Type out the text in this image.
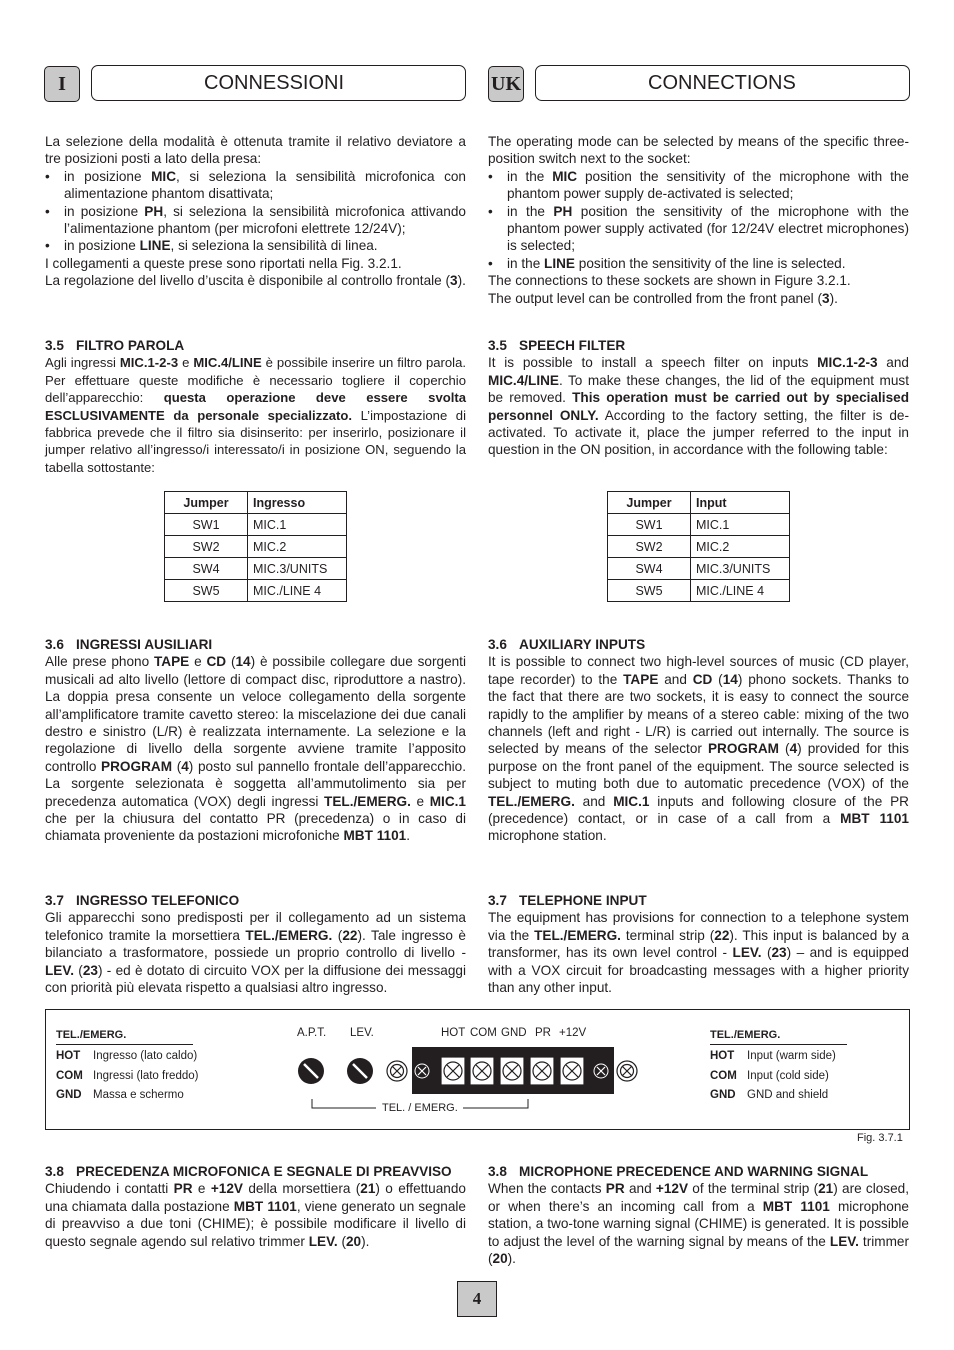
I	CONNESSIONI	UK	CONNECTIONS

La selezione della modalità è ottenuta tramite il relativo deviatore a tre posizioni posti a lato della presa:

• in posizione MIC, si seleziona la sensibilità microfonica con alimentazione phantom disattivata;

• in posizione PH, si seleziona la sensibilità microfonica attivando l’alimentazione phantom (per microfoni elettrete 12/24V);

• in posizione LINE, si seleziona la sensibilità di linea.

I collegamenti a queste prese sono riportati nella Fig. 3.2.1.

La regolazione del livello d’uscita è disponibile al controllo frontale (3).

The operating mode can be selected by means of the specific three-position switch next to the socket:

• in the MIC position the sensitivity of the microphone with the phantom power supply de-activated is selected;

• in the PH position the sensitivity of the microphone with the phantom power supply activated (for 12/24V electret microphones) is selected;

• in the LINE position the sensitivity of the line is selected.

The connections to these sockets are shown in Figure 3.2.1.

The output level can be controlled from the front panel (3).

3.5 FILTRO PAROLA

Agli ingressi MIC.1-2-3 e MIC.4/LINE è possibile inserire un filtro parola. Per effettuare queste modifiche è necessario togliere il coperchio dell’apparecchio: questa operazione deve essere svolta ESCLUSIVAMENTE da personale specializzato. L’impostazione di fabbrica prevede che il filtro sia disinserito: per inserirlo, posizionare il jumper relativo all’ingresso/i interessato/i in posizione ON, seguendo la tabella sottostante:

3.5 SPEECH FILTER

It is possible to install a speech filter on inputs MIC.1-2-3 and MIC.4/LINE. To make these changes, the lid of the equipment must be removed. This operation must be carried out by specialised personnel ONLY. According to the factory setting, the filter is de-activated. To activate it, place the jumper referred to the input in question in the ON position, in accordance with the following table:

Jumper	Ingresso
SW1	MIC.1
SW2	MIC.2
SW4	MIC.3/UNITS
SW5	MIC./LINE 4
Jumper	Input
SW1	MIC.1
SW2	MIC.2
SW4	MIC.3/UNITS
SW5	MIC./LINE 4
3.6 INGRESSI AUSILIARI

Alle prese phono TAPE e CD (14) è possibile collegare due sorgenti musicali ad alto livello (lettore di compact disc, riproduttore a nastro). La doppia presa consente un veloce collegamento della sorgente all’amplificatore tramite cavetto stereo: la miscelazione dei due canali destro e sinistro (L/R) è realizzata internamente. La selezione e la regolazione di livello della sorgente avviene tramite l’apposito controllo PROGRAM (4) posto sul pannello frontale dell’apparecchio. La sorgente selezionata è soggetta all’ammutolimento sia per precedenza automatica (VOX) degli ingressi TEL./EMERG. e MIC.1 che per la chiusura del contatto PR (precedenza) o in caso di chiamata proveniente da postazioni microfoniche MBT 1101.

3.6 AUXILIARY INPUTS

It is possible to connect two high-level sources of music (CD player, tape recorder) to the TAPE and CD (14) phono sockets. Thanks to the fact that there are two sockets, it is easy to connect the source rapidly to the amplifier by means of a stereo cable: mixing of the two channels (left and right - L/R) is carried out internally. The source is selected by means of the selector PROGRAM (4) provided for this purpose on the front panel of the equipment. The source selected is subject to muting both due to automatic precedence (VOX) of the TEL./EMERG. and MIC.1 inputs and following closure of the PR (precedence) contact, or in case of a call from a MBT 1101 microphone station.

3.7 INGRESSO TELEFONICO

Gli apparecchi sono predisposti per il collegamento ad un sistema telefonico tramite la morsettiera TEL./EMERG. (22). Tale ingresso è bilanciato a trasformatore, possiede un proprio controllo di livello - LEV. (23) - ed è dotato di circuito VOX per la diffusione dei messaggi con priorità più elevata rispetto a qualsiasi altro ingresso.

3.7 TELEPHONE INPUT

The equipment has provisions for connection to a telephone system via the TEL./EMERG. terminal strip (22). This input is balanced by a transformer, has its own level control - LEV. (23) – and is equipped with a VOX circuit for broadcasting messages with a higher priority than any other input.

TEL./EMERG.
HOT Ingresso (lato caldo)
COM Ingressi (lato freddo)
GND Massa e schermo
TEL./EMERG.
HOT Input (warm side)
COM Input (cold side)
GND GND and shield
A.P.T. LEV.	HOT COM GND PR +12V
TEL. / EMERG.
Fig. 3.7.1
3.8 PRECEDENZA MICROFONICA E SEGNALE DI PREAVVISO

Chiudendo i contatti PR e +12V della morsettiera (21) o effettuando una chiamata dalla postazione MBT 1101, viene generato un segnale di preavviso a due toni (CHIME); è possibile modificare il livello di questo segnale agendo sul relativo trimmer LEV. (20).

3.8 MICROPHONE PRECEDENCE AND WARNING SIGNAL

When the contacts PR and +12V of the terminal strip (21) are closed, or when there’s an incoming call from a MBT 1101 microphone station, a two-tone warning signal (CHIME) is generated. It is possible to adjust the level of the warning signal by means of the LEV. trimmer (20).

4
